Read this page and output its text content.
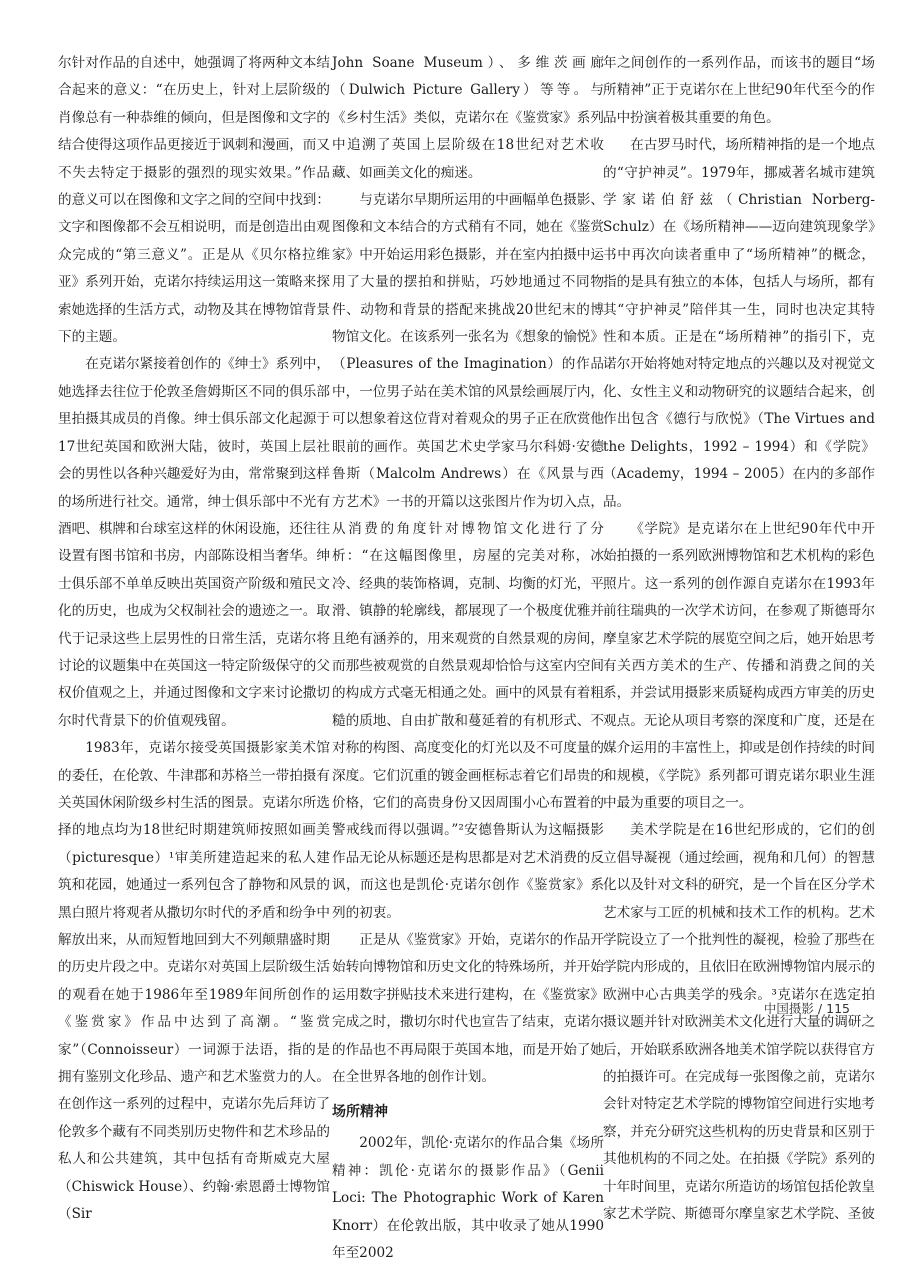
尔针对作品的自述中，她强调了将两种文本结合起来的意义：“在历史上，针对上层阶级的肖像总有一种恭维的倾向，但是图像和文字的结合使得这项作品更接近于讽刺和漫画，而又不失去特定于摄影的强烈的现实效果。”作品的意义可以在图像和文字之间的空间中找到：文字和图像都不会互相说明，而是创造出由观众完成的“第三意义”。正是从《贝尔格拉维亚》系列开始，克诺尔持续运用这一策略来探索她选择的生活方式，动物及其在博物馆背景下的主题。

在克诺尔紧接着创作的《绅士》系列中，她选择去往位于伦敦圣詹姆斯区不同的俱乐部里拍摄其成员的肖像。绅士俱乐部文化起源于17世纪英国和欧洲大陆，彼时，英国上层社会的男性以各种兴趣爱好为由，常常聚到这样的场所进行社交。通常，绅士俱乐部中不光有酒吧、棋牌和台球室这样的休闲设施，还往往设置有图书馆和书房，内部陈设相当奢华。绅士俱乐部不单单反映出英国资产阶级和殖民文化的历史，也成为父权制社会的遗迹之一。取代于记录这些上层男性的日常生活，克诺尔将讨论的议题集中在英国这一特定阶级保守的父权价值观之上，并通过图像和文字来讨论撒切尔时代背景下的价值观残留。

1983年，克诺尔接受英国摄影家美术馆的委任，在伦敦、牛津郡和苏格兰一带拍摄有关英国休闲阶级乡村生活的图景。克诺尔所选择的地点均为18世纪时期建筑师按照如画美（picturesque）¹审美所建造起来的私人建筑和花园，她通过一系列包含了静物和风景的黑白照片将观者从撒切尔时代的矛盾和纷争中解放出来，从而短暂地回到大不列颠鼎盛时期的历史片段之中。克诺尔对英国上层阶级生活的观看在她于1986年至1989年间所创作的《鉴赏家》作品中达到了高潮。“鉴赏家”（Connoisseur）一词源于法语，指的是拥有鉴别文化珍品、遗产和艺术鉴赏力的人。在创作这一系列的过程中，克诺尔先后拜访了伦敦多个藏有不同类别历史物件和艺术珍品的私人和公共建筑，其中包括有奇斯威克大屋（Chiswick House）、约翰·索恩爵士博物馆（Sir

John Soane Museum）、多维茨画廊（Dulwich Picture Gallery）等等。与《乡村生活》类似，克诺尔在《鉴赏家》系列中追溯了英国上层阶级在18世纪对艺术收藏、如画美文化的痴迷。

与克诺尔早期所运用的中画幅单色摄影、图像和文本结合的方式稍有不同，她在《鉴赏家》中开始运用彩色摄影，并在室内拍摄中运用了大量的摆拍和拼贴，巧妙地通过不同物件、动物和背景的搭配来挑战20世纪末的博物馆文化。在该系列一张名为《想象的愉悦》（Pleasures of the Imagination）的作品中，一位男子站在美术馆的风景绘画展厅内，可以想象着这位背对着观众的男子正在欣赏他眼前的画作。英国艺术史学家马尔科姆·安德鲁斯（Malcolm Andrews）在《风景与西方艺术》一书的开篇以这张图片作为切入点，从消费的角度针对博物馆文化进行了分析：“在这幅图像里，房屋的完美对称，冰冷、经典的装饰格调，克制、均衡的灯光，平滑、镇静的轮廓线，都展现了一个极度优雅并且绝有涵养的，用来观赏的自然景观的房间，而那些被观赏的自然景观却恰恰与这室内空间的构成方式毫无相通之处。画中的风景有着粗糙的质地、自由扩散和蔓延着的有机形式、不对称的构图、高度变化的灯光以及不可度量的深度。它们沉重的镀金画框标志着它们昂贵的价格，它们的高贵身份又因周围小心布置着的警戒线而得以强调。”²安德鲁斯认为这幅摄影作品无论从标题还是构思都是对艺术消费的反讽，而这也是凯伦·克诺尔创作《鉴赏家》系列的初衷。

正是从《鉴赏家》开始，克诺尔的作品开始转向博物馆和历史文化的特殊场所，并开始运用数字拼贴技术来进行建构，在《鉴赏家》完成之时，撒切尔时代也宣告了结束，克诺尔的作品也不再局限于英国本地，而是开始了她在全世界各地的创作计划。

场所精神

2002年，凯伦·克诺尔的作品合集《场所精神：凯伦·克诺尔的摄影作品》（Genii Loci: The Photographic Work of Karen Knorr）在伦敦出版，其中收录了她从1990年至2002

年之间创作的一系列作品，而该书的题目“场所精神”正于克诺尔在上世纪90年代至今的作品中扮演着极其重要的角色。

在古罗马时代，场所精神指的是一个地点的“守护神灵”。1979年，挪威著名城市建筑学家诺伯舒兹（Christian Norberg-Schulz）在《场所精神——迈向建筑现象学》书中再次向读者重申了“场所精神”的概念，指的是具有独立的本体，包括人与场所，都有其“守护神灵”陪伴其一生，同时也决定其特性和本质。正是在“场所精神”的指引下，克诺尔开始将她对特定地点的兴趣以及对视觉文化、女性主义和动物研究的议题结合起来，创作出包含《德行与欣悦》（The Virtues and the Delights，1992 – 1994）和《学院》（Academy，1994 – 2005）在内的多部作品。

《学院》是克诺尔在上世纪90年代中开始拍摄的一系列欧洲博物馆和艺术机构的彩色照片。这一系列的创作源自克诺尔在1993年前往瑞典的一次学术访问，在参观了斯德哥尔摩皇家艺术学院的展览空间之后，她开始思考有关西方美术的生产、传播和消费之间的关系，并尝试用摄影来质疑构成西方审美的历史观点。无论从项目考察的深度和广度，还是在媒介运用的丰富性上，抑或是创作持续的时间和规模，《学院》系列都可谓克诺尔职业生涯中最为重要的项目之一。

美术学院是在16世纪形成的，它们的创立倡导凝视（通过绘画，视角和几何）的智慧化以及针对文科的研究，是一个旨在区分学术艺术家与工匠的机械和技术工作的机构。艺术学院设立了一个批判性的凝视，检验了那些在学院内形成的，且依旧在欧洲博物馆内展示的欧洲中心古典美学的残余。³克诺尔在选定拍摄议题并针对欧洲美术文化进行大量的调研之后，开始联系欧洲各地美术馆学院以获得官方的拍摄许可。在完成每一张图像之前，克诺尔会针对特定艺术学院的博物馆空间进行实地考察，并充分研究这些机构的历史背景和区别于其他机构的不同之处。在拍摄《学院》系列的十年时间里，克诺尔所造访的场馆包括伦敦皇家艺术学院、斯德哥尔摩皇家艺术学院、圣彼

中国摄影 / 115
